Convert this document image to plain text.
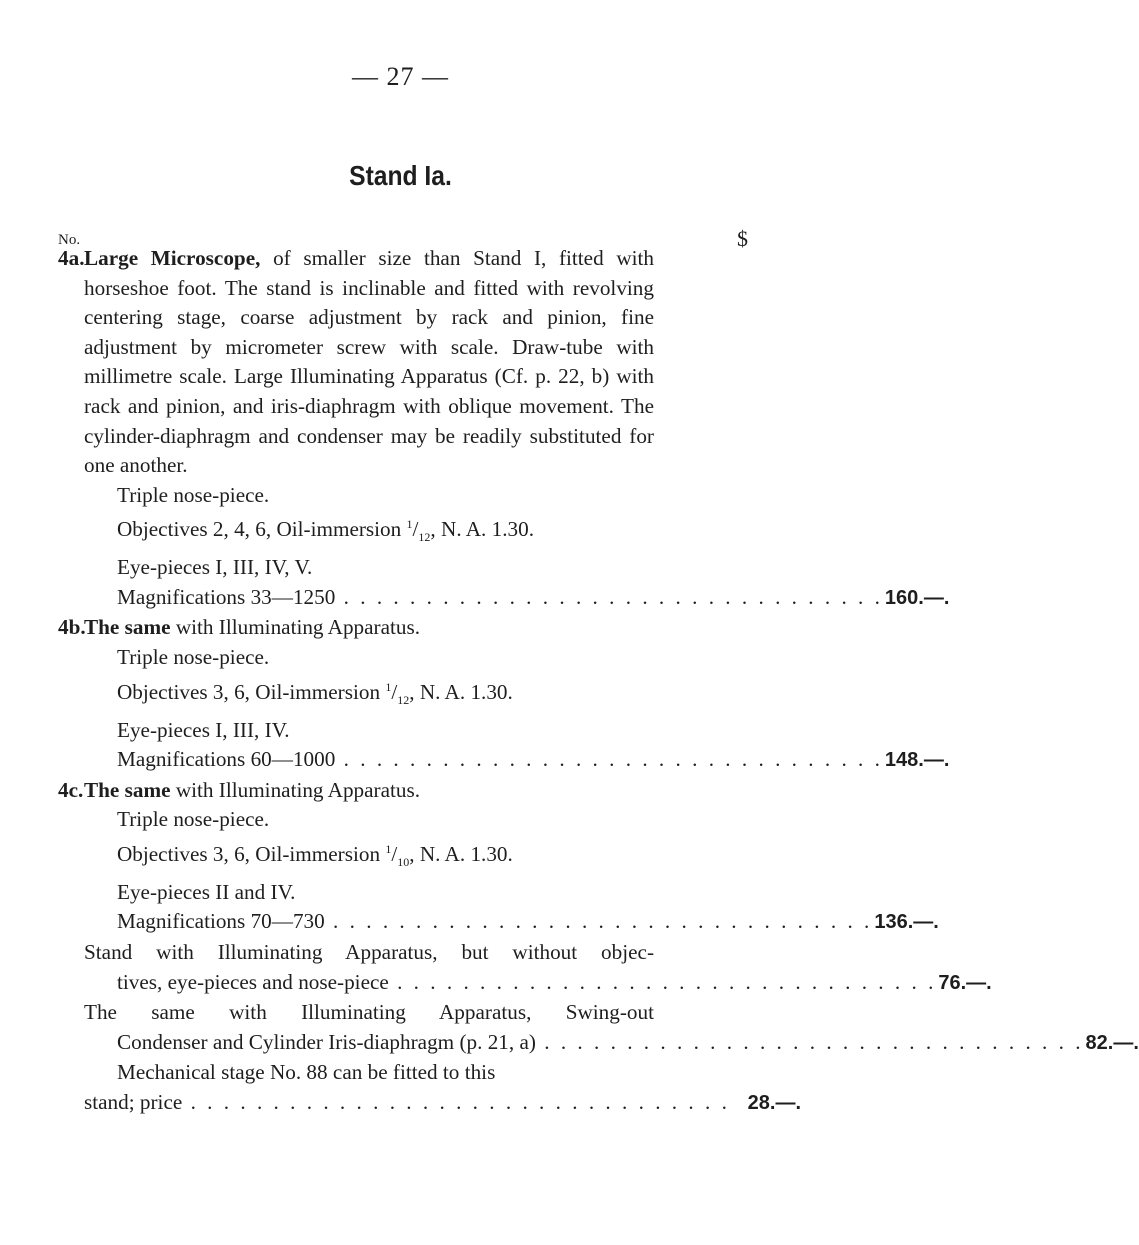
— 27 —
Stand Ia.
No.	$
4a. Large Microscope, of smaller size than Stand I, fitted with horseshoe foot. The stand is inclinable and fitted with revolving centering stage, coarse adjustment by rack and pinion, fine adjustment by micrometer screw with scale. Draw-tube with millimetre scale. Large Illuminating Apparatus (Cf. p. 22, b) with rack and pinion, and iris-diaphragm with oblique movement. The cylinder-diaphragm and condenser may be readily substituted for one another.
Triple nose-piece.
Objectives 2, 4, 6, Oil-immersion $^1/_{12}$, N. A. 1.30.
Eye-pieces I, III, IV, V.
Magnifications 33—1250 . . . . . . . . . . . . . . . . . . . . . . . . . . . . . . . . . 160.—.
4b.
The same with Illuminating Apparatus.
Triple nose-piece.
Objectives 3, 6, Oil-immersion $^1/_{12}$, N. A. 1.30.
Eye-pieces I, III, IV.
Magnifications 60—1000 . . . . . . . . . . . . . . . . . . . . . . . . . . . . . . . . . 148.—.
4c. The same with Illuminating Apparatus.
Triple nose-piece.
Objectives 3, 6, Oil-immersion $^1/_{10}$, N. A. 1.30.
Eye-pieces II and IV.
Magnifications 70—730 . . . . . . . . . . . . . . . . . . . . . . . . . . . . . . . . . 136.—.
Stand with Illuminating Apparatus, but without objec-
tives, eye-pieces and nose-piece . . . . . . . . . . . . . . . . . . . . . . . . . . . . . . . . . 76.—.
The same with Illuminating Apparatus, Swing-out
Condenser and Cylinder Iris-diaphragm (p. 21, a) . . . . . . . . . . . . . . . . . . . . . . . . . . . . . . . . . 82.—.
Mechanical stage No. 88 can be fitted to this
stand; price . . . . . . . . . . . . . . . . . . . . . . . . . . . . . . . . . 28.—.
